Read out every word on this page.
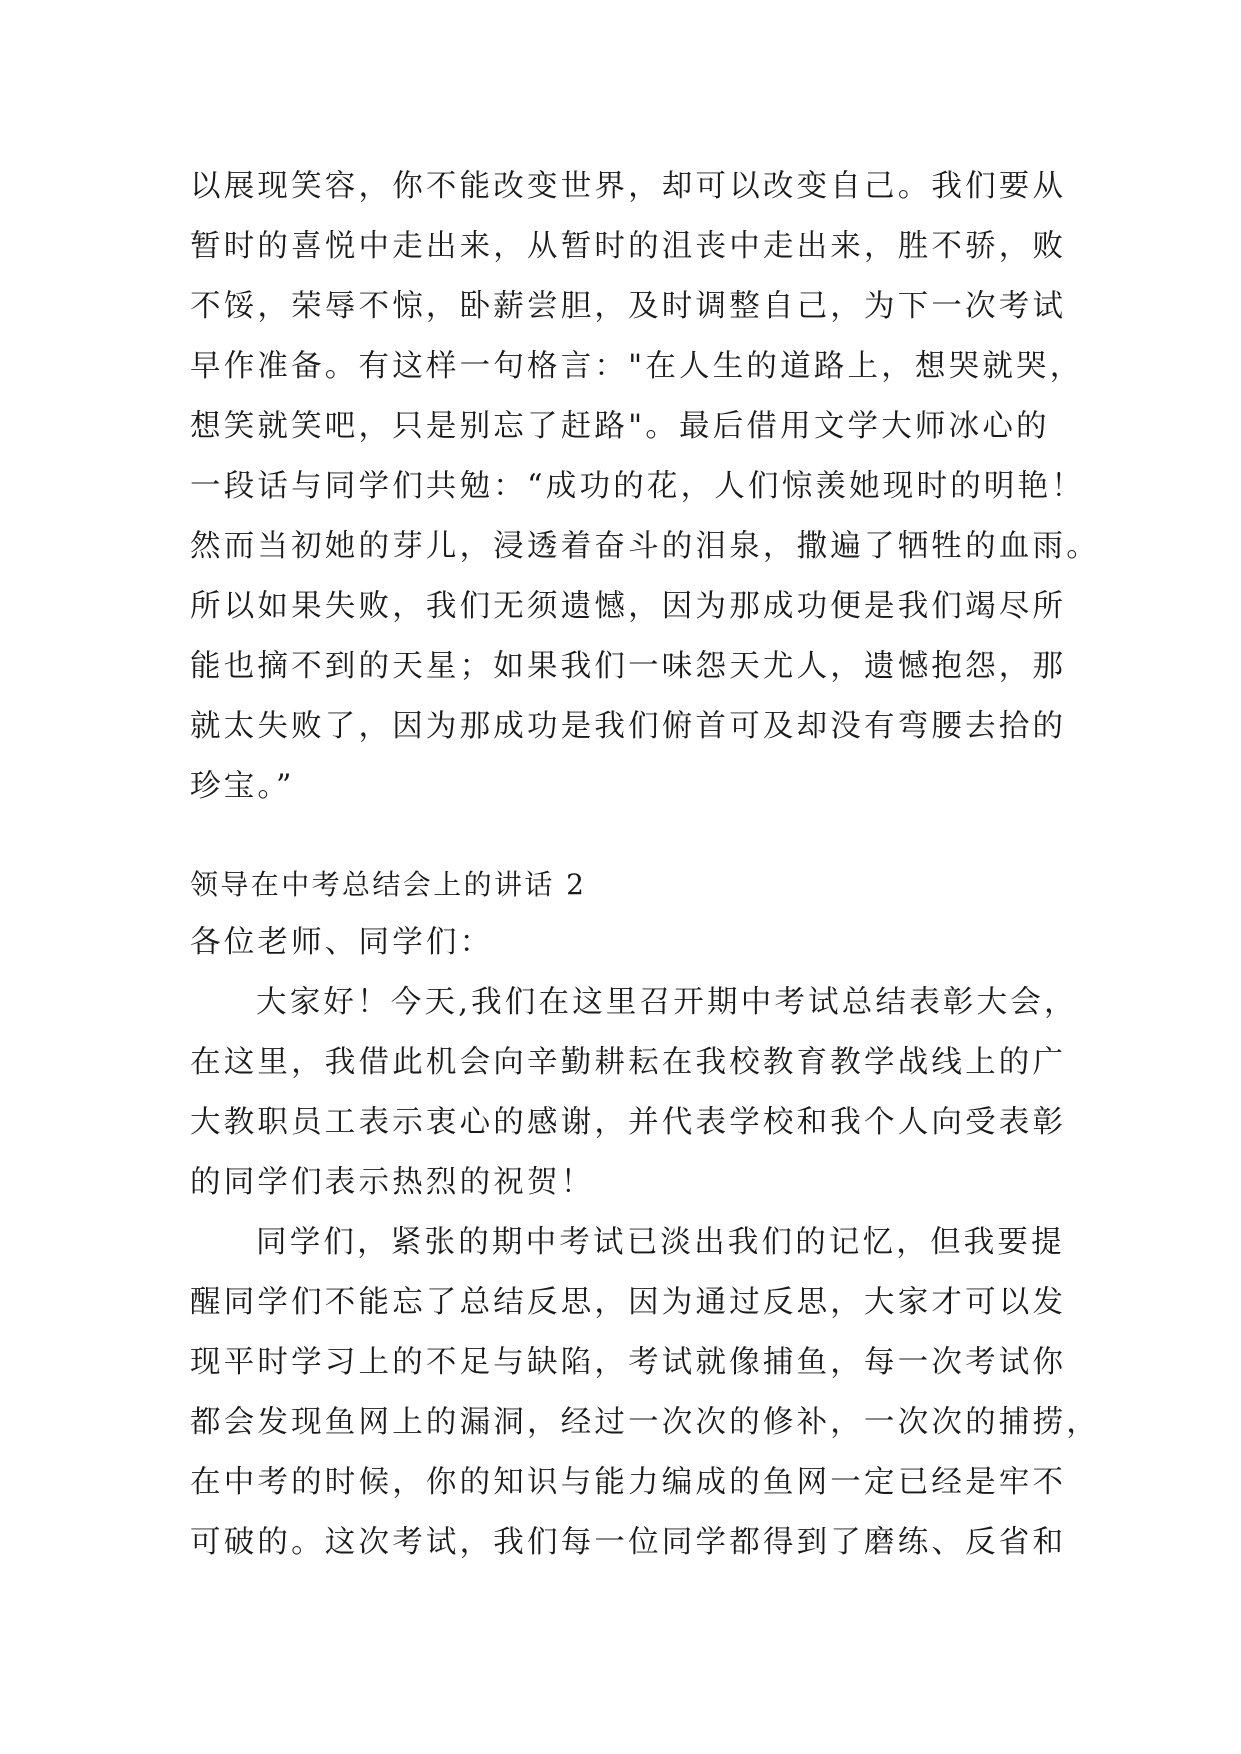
以展现笑容，你不能改变世界，却可以改变自己。我们要从
暂时的喜悦中走出来，从暂时的沮丧中走出来，胜不骄，败
不馁，荣辱不惊，卧薪尝胆，及时调整自己，为下一次考试
早作准备。有这样一句格言："在人生的道路上，想哭就哭，
想笑就笑吧，只是别忘了赶路"。最后借用文学大师冰心的
一段话与同学们共勉：“成功的花，人们惊羡她现时的明艳！
然而当初她的芽儿，浸透着奋斗的泪泉，撒遍了牺牲的血雨。
所以如果失败，我们无须遗憾，因为那成功便是我们竭尽所
能也摘不到的天星；如果我们一味怨天尤人，遗憾抱怨，那
就太失败了，因为那成功是我们俯首可及却没有弯腰去拾的
珍宝。”
领导在中考总结会上的讲话 2
各位老师、同学们：
大家好！今天,我们在这里召开期中考试总结表彰大会，
在这里，我借此机会向辛勤耕耘在我校教育教学战线上的广
大教职员工表示衷心的感谢，并代表学校和我个人向受表彰
的同学们表示热烈的祝贺！
同学们，紧张的期中考试已淡出我们的记忆，但我要提
醒同学们不能忘了总结反思，因为通过反思，大家才可以发
现平时学习上的不足与缺陷，考试就像捕鱼，每一次考试你
都会发现鱼网上的漏洞，经过一次次的修补，一次次的捕捞，
在中考的时候，你的知识与能力编成的鱼网一定已经是牢不
可破的。这次考试，我们每一位同学都得到了磨练、反省和
